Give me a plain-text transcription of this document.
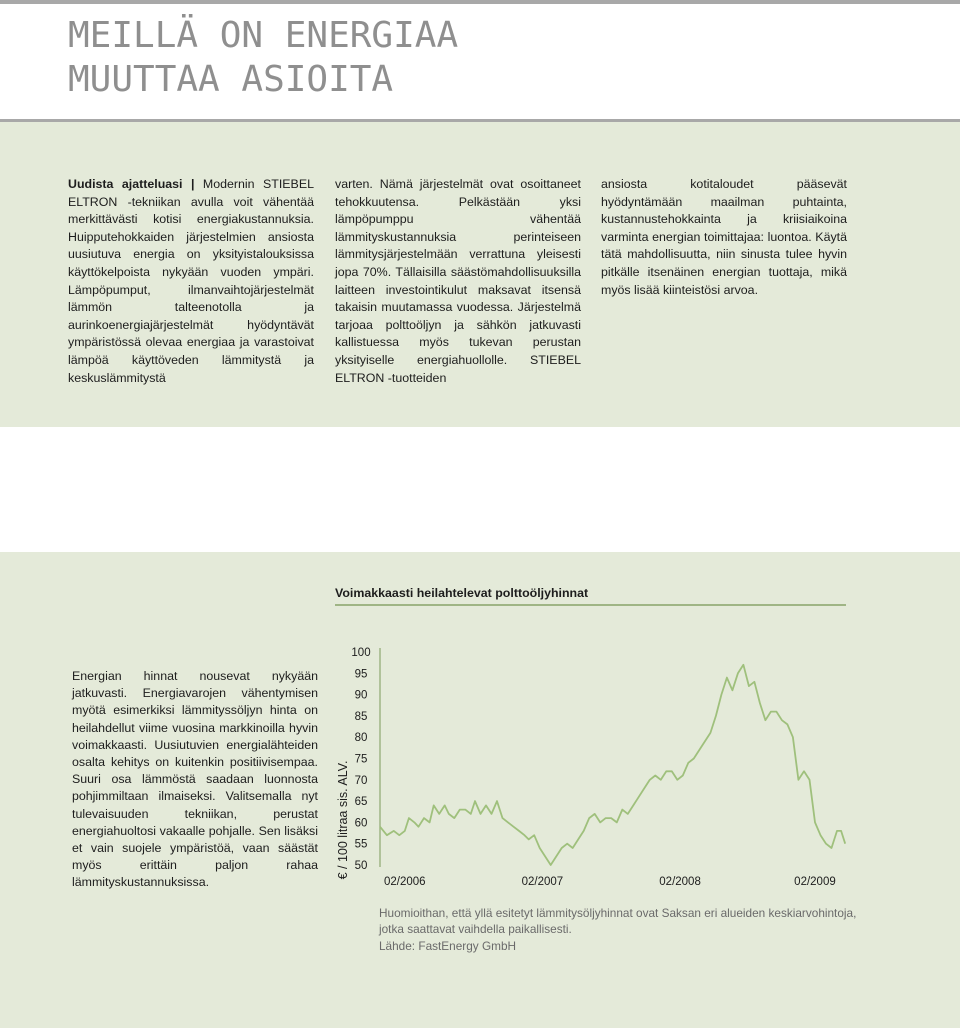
MEILLÄ ON ENERGIAA
MUUTTAA ASIOITA

Uudista ajatteluasi | Modernin STIEBEL ELTRON -tekniikan avulla voit vähentää merkittävästi kotisi energiakustannuksia. Huipputehokkaiden järjestelmien ansiosta uusiutuva energia on yksityistalouksissa käyttökelpoista nykyään vuoden ympäri. Lämpöpumput, ilmanvaihtojärjestelmät lämmön talteenotolla ja aurinkoenergiajärjestelmät hyödyntävät ympäristössä olevaa energiaa ja varastoivat lämpöä käyttöveden lämmitystä ja keskuslämmitystä

varten. Nämä järjestelmät ovat osoittaneet tehokkuutensa. Pelkästään yksi lämpöpumppu vähentää lämmityskustannuksia perinteiseen lämmitysjärjestelmään verrattuna yleisesti jopa 70%. Tällaisilla säästömahdollisuuksilla laitteen investointikulut maksavat itsensä takaisin muutamassa vuodessa. Järjestelmä tarjoaa polttoöljyn ja sähkön jatkuvasti kallistuessa myös tukevan perustan yksityiselle energiahuollolle. STIEBEL ELTRON -tuotteiden

ansiosta kotitaloudet pääsevät hyödyntämään maailman puhtainta, kustannustehokkainta ja kriisiaikoina varminta energian toimittajaa: luontoa. Käytä tätä mahdollisuutta, niin sinusta tulee hyvin pitkälle itsenäinen energian tuottaja, mikä myös lisää kiinteistösi arvoa.

Voimakkaasti heilahtelevat polttoöljyhinnat

Energian hinnat nousevat nykyään jatkuvasti. Energiavarojen vähentymisen myötä esimerkiksi lämmityssöljyn hinta on heilahdellut viime vuosina markkinoilla hyvin voimakkaasti. Uusiutuvien energialähteiden osalta kehitys on kuitenkin positiivisempaa. Suuri osa lämmöstä saadaan luonnosta pohjimmiltaan ilmaiseksi. Valitsemalla nyt tulevaisuuden tekniikan, perustat energiahuoltosi vakaalle pohjalle. Sen lisäksi et vain suojele ympäristöä, vaan säästät myös erittäin paljon rahaa lämmityskustannuksissa.

€ / 100 litraa sis. ALV. 50
55
60
65
70
75
80
85
90
95
100
02/2006	02/2007	02/2008	02/2009
Huomioithan, että yllä esitetyt lämmitysöljyhinnat ovat Saksan eri alueiden keskiarvohintoja,
jotka saattavat vaihdella paikallisesti.
Lähde: FastEnergy GmbH
